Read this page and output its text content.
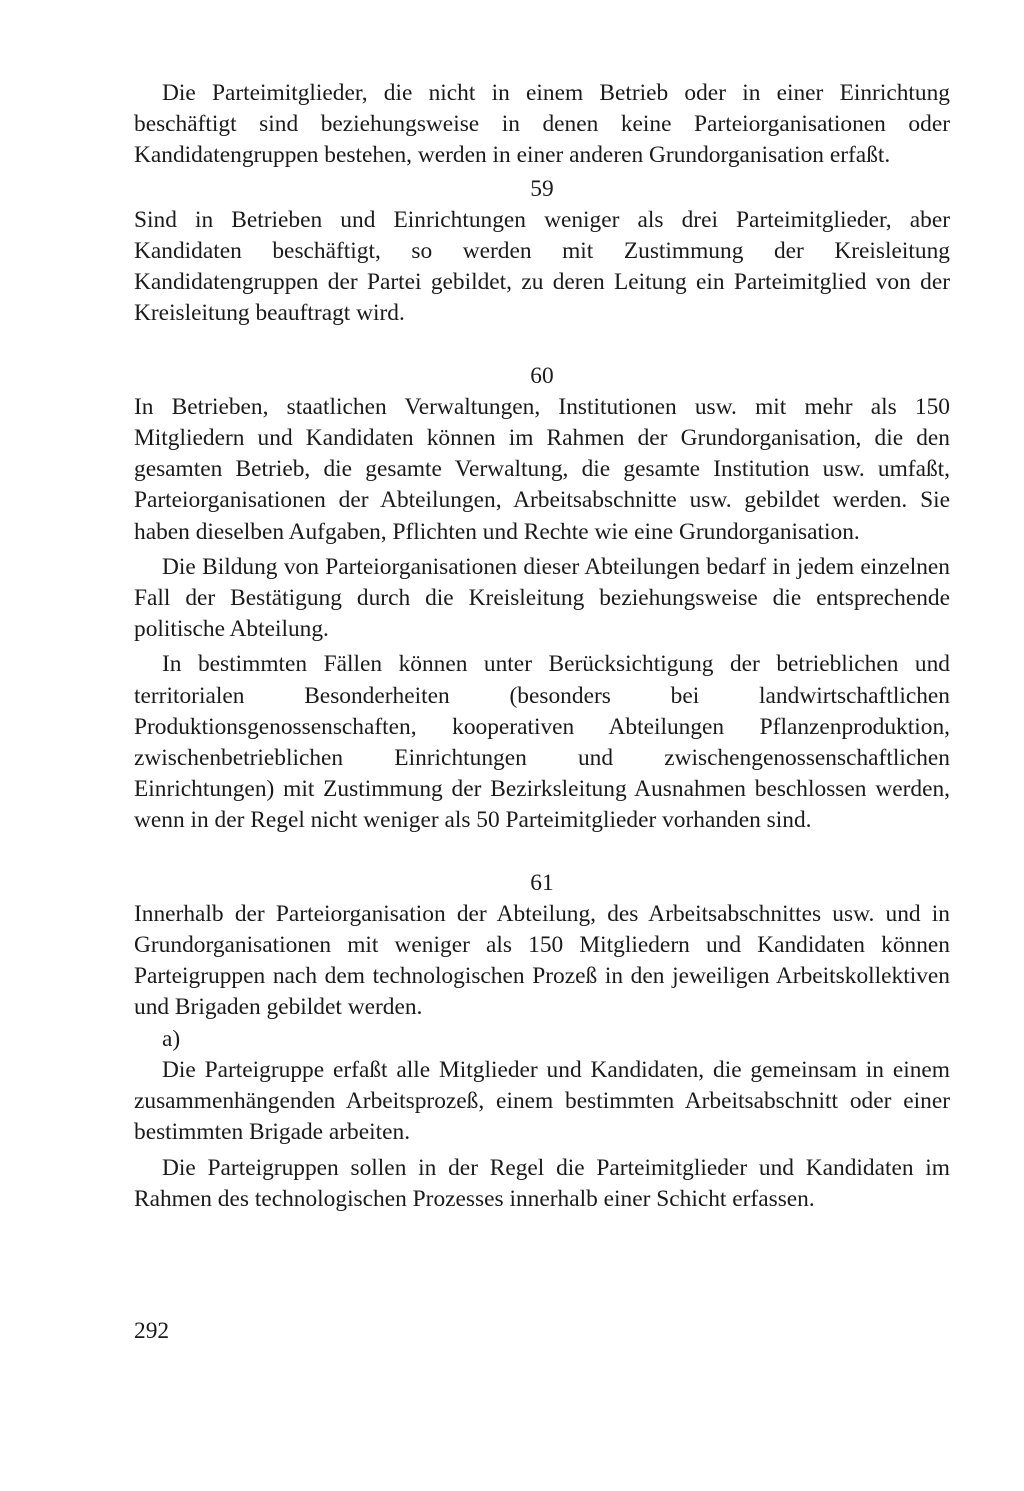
Die Parteimitglieder, die nicht in einem Betrieb oder in einer Einrichtung beschäftigt sind beziehungsweise in denen keine Parteiorganisationen oder Kandidatengruppen bestehen, werden in einer anderen Grundorganisation erfaßt.

59

Sind in Betrieben und Einrichtungen weniger als drei Parteimitglieder, aber Kandidaten beschäftigt, so werden mit Zustimmung der Kreisleitung Kandidatengruppen der Partei gebildet, zu deren Leitung ein Parteimitglied von der Kreisleitung beauftragt wird.

60

In Betrieben, staatlichen Verwaltungen, Institutionen usw. mit mehr als 150 Mitgliedern und Kandidaten können im Rahmen der Grundorganisation, die den gesamten Betrieb, die gesamte Verwaltung, die gesamte Institution usw. umfaßt, Parteiorganisationen der Abteilungen, Arbeitsabschnitte usw. gebildet werden. Sie haben dieselben Aufgaben, Pflichten und Rechte wie eine Grundorganisation.

Die Bildung von Parteiorganisationen dieser Abteilungen bedarf in jedem einzelnen Fall der Bestätigung durch die Kreisleitung beziehungsweise die entsprechende politische Abteilung.

In bestimmten Fällen können unter Berücksichtigung der betrieblichen und territorialen Besonderheiten (besonders bei landwirtschaftlichen Produktionsgenossenschaften, kooperativen Abteilungen Pflanzenproduktion, zwischenbetrieblichen Einrichtungen und zwischengenossenschaftlichen Einrichtungen) mit Zustimmung der Bezirksleitung Ausnahmen beschlossen werden, wenn in der Regel nicht weniger als 50 Parteimitglieder vorhanden sind.

61

Innerhalb der Parteiorganisation der Abteilung, des Arbeitsabschnittes usw. und in Grundorganisationen mit weniger als 150 Mitgliedern und Kandidaten können Parteigruppen nach dem technologischen Prozeß in den jeweiligen Arbeitskollektiven und Brigaden gebildet werden.

a)

Die Parteigruppe erfaßt alle Mitglieder und Kandidaten, die gemeinsam in einem zusammenhängenden Arbeitsprozeß, einem bestimmten Arbeitsabschnitt oder einer bestimmten Brigade arbeiten.

Die Parteigruppen sollen in der Regel die Parteimitglieder und Kandidaten im Rahmen des technologischen Prozesses innerhalb einer Schicht erfassen.

292
